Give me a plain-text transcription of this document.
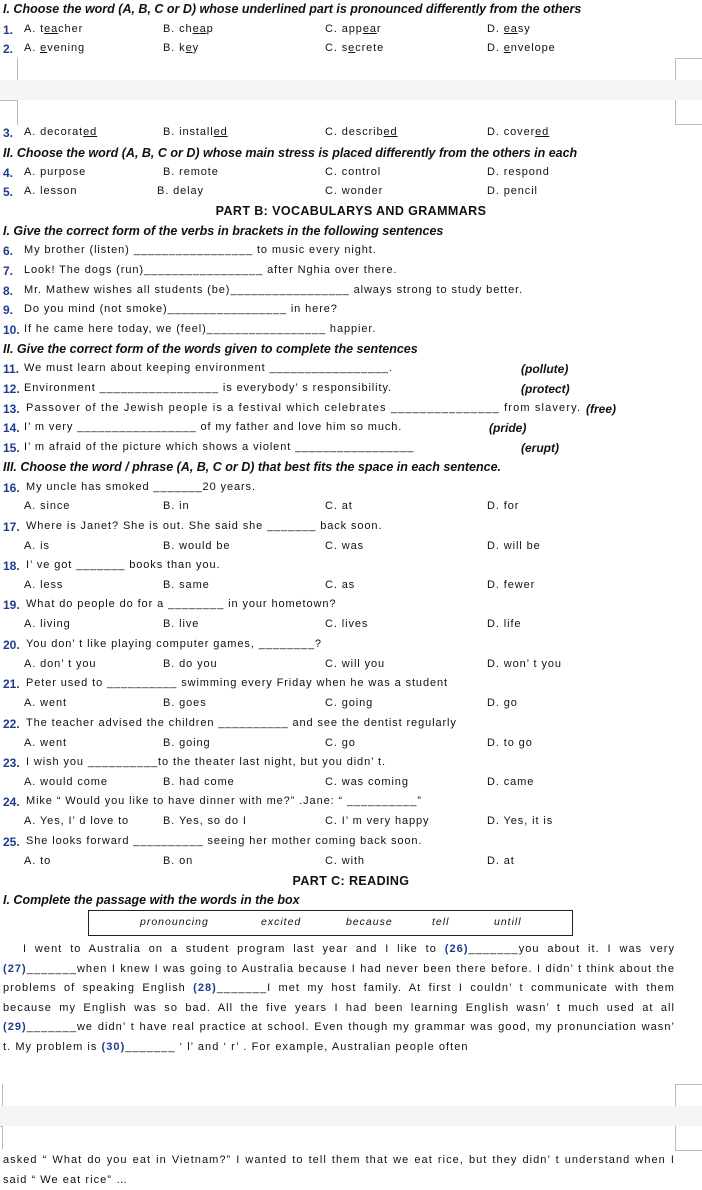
I. Choose the word (A, B, C or D) whose underlined part is pronounced differently from the others
1. A. teacher	B. cheap	C. appear	D. easy
2. A. evening	B. key	C. secrete	D. envelope
3. A. decorated	B. installed	C. described	D. covered
II. Choose the word (A, B, C or D) whose main stress is placed differently from the others in each
4. A. purpose	B. remote	C. control	D. respond
5. A. lesson	B. delay	C. wonder	D. pencil
PART B: VOCABULARYS AND GRAMMARS
I. Give the correct form of the verbs in brackets in the following sentences
6. My brother (listen) _________________ to music every night.
7. Look! The dogs (run)_________________ after Nghia over there.
8. Mr. Mathew wishes all students (be)_________________ always strong to study better.
9. Do you mind (not smoke)_________________ in here?
10. If he came here today, we (feel)_________________ happier.
II. Give the correct form of the words given to complete the sentences
11. We must learn about keeping environment _________________.	(pollute)
12. Environment _________________ is everybody’ s responsibility.	(protect)
13. Passover of the Jewish people is a festival which celebrates _______________ from slavery. (free)
14. I’ m very _________________ of my father and love him so much.	(pride)
15. I’ m afraid of the picture which shows a violent _________________	(erupt)
III. Choose the word / phrase (A, B, C or D) that best fits the space in each sentence.
16. My uncle has smoked _______20 years.
A. since	B. in	C. at	D. for
17. Where is Janet? She is out. She said she _______ back soon.
A. is	B. would be	C. was	D. will be
18. I’ ve got _______ books than you.
A. less	B. same	C. as	D. fewer
19. What do people do for a ________ in your hometown?
A. living	B. live	C. lives	D. life
20. You don’ t like playing computer games, ________?
A. don’ t you	B. do you	C. will you	D. won’ t you
21. Peter used to __________ swimming every Friday when he was a student
A. went	B. goes	C. going	D. go
22. The teacher advised the children __________ and see the dentist regularly
A. went	B. going	C. go	D. to go
23. I wish you __________to the theater last night, but you didn’ t.
A. would come	B. had come	C. was coming	D. came
24. Mike “ Would you like to have dinner with me?” .Jane: “ __________”
A. Yes, I’ d love to	B. Yes, so do I	C. I’ m very happy	D. Yes, it is
25. She looks forward __________ seeing her mother coming back soon.
A. to	B. on	C. with	D. at
PART C: READING
I. Complete the passage with the words in the box
pronouncing	excited	because	tell	untill
I went to Australia on a student program last year and I like to (26)_______you about it. I was very (27)_______when I knew I was going to Australia because I had never been there before. I didn’ t think about the problems of speaking English (28)_______I met my host family. At first I couldn’ t communicate with them because my English was so bad. All the five years I had been learning English wasn’ t much used at all (29)_______we didn’ t have real practice at school. Even though my grammar was good, my pronunciation wasn’ t. My problem is (30)_______ ‘ l’ and ‘ r’ . For example, Australian people often
asked “ What do you eat in Vietnam?” I wanted to tell them that we eat rice, but they didn’ t understand when I said “ We eat rice” …
